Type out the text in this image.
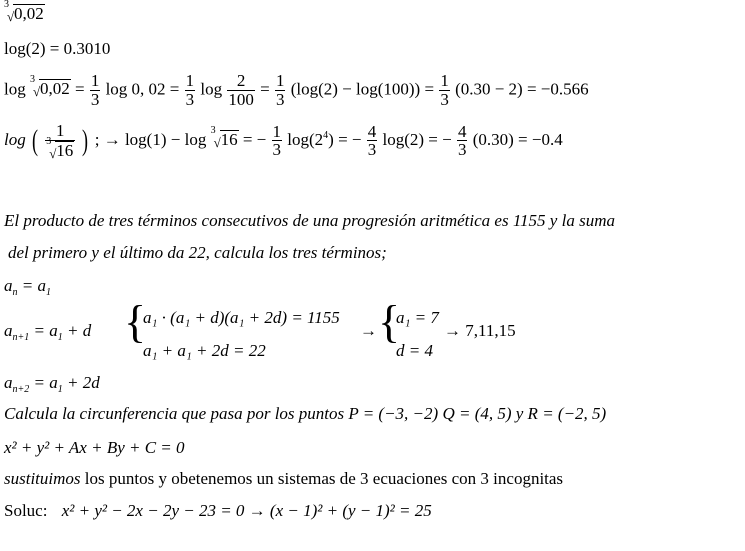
3
√ 0,02
log(2) = 0.3010
log 3
√ $0,02 = \frac{1}{3}$ log 0, $02 = \frac{1}{3}$ $\log \frac{2}{100} = \frac{1}{3} (\log(2) - \log(100)) = \frac{1}{3} (0.30 - 2) = -0.566$
log ( 1
3
√ 16 ) ; → log(1) − log 3
√ 16 = − $\frac{1}{3} \log(2^4)$ = − $\frac{4}{3} \log(2)$ = − $\frac{4}{3} (0.30) = -0.4$
El producto de tres términos consecutivos de una progresión aritmética es 1155 y la suma
del primero y el último da 22, calcula los tres términos;
$a_n = a_1$
$a_{n+1} = a_1 + d$ {
a₁ · (a₁ + d)(a₁ + 2d) = 1155
a₁ + a₁ + 2d = 22
→ {
a₁ = 7
d = 4
→ 7,11,15
$a_{n+2} = a_1 + 2d$
Calcula la circunferencia que pasa por los puntos P = (−3, −2) Q = (4, 5) y R = (−2, 5)
x² + y² + Ax + By + C = 0
sustituimos los puntos y obetenemos un sistemas de 3 ecuaciones con 3 incognitas
Soluc: x² + y² − 2x − 2y − 23 = 0 → (x − 1)² + (y − 1)² = 25
